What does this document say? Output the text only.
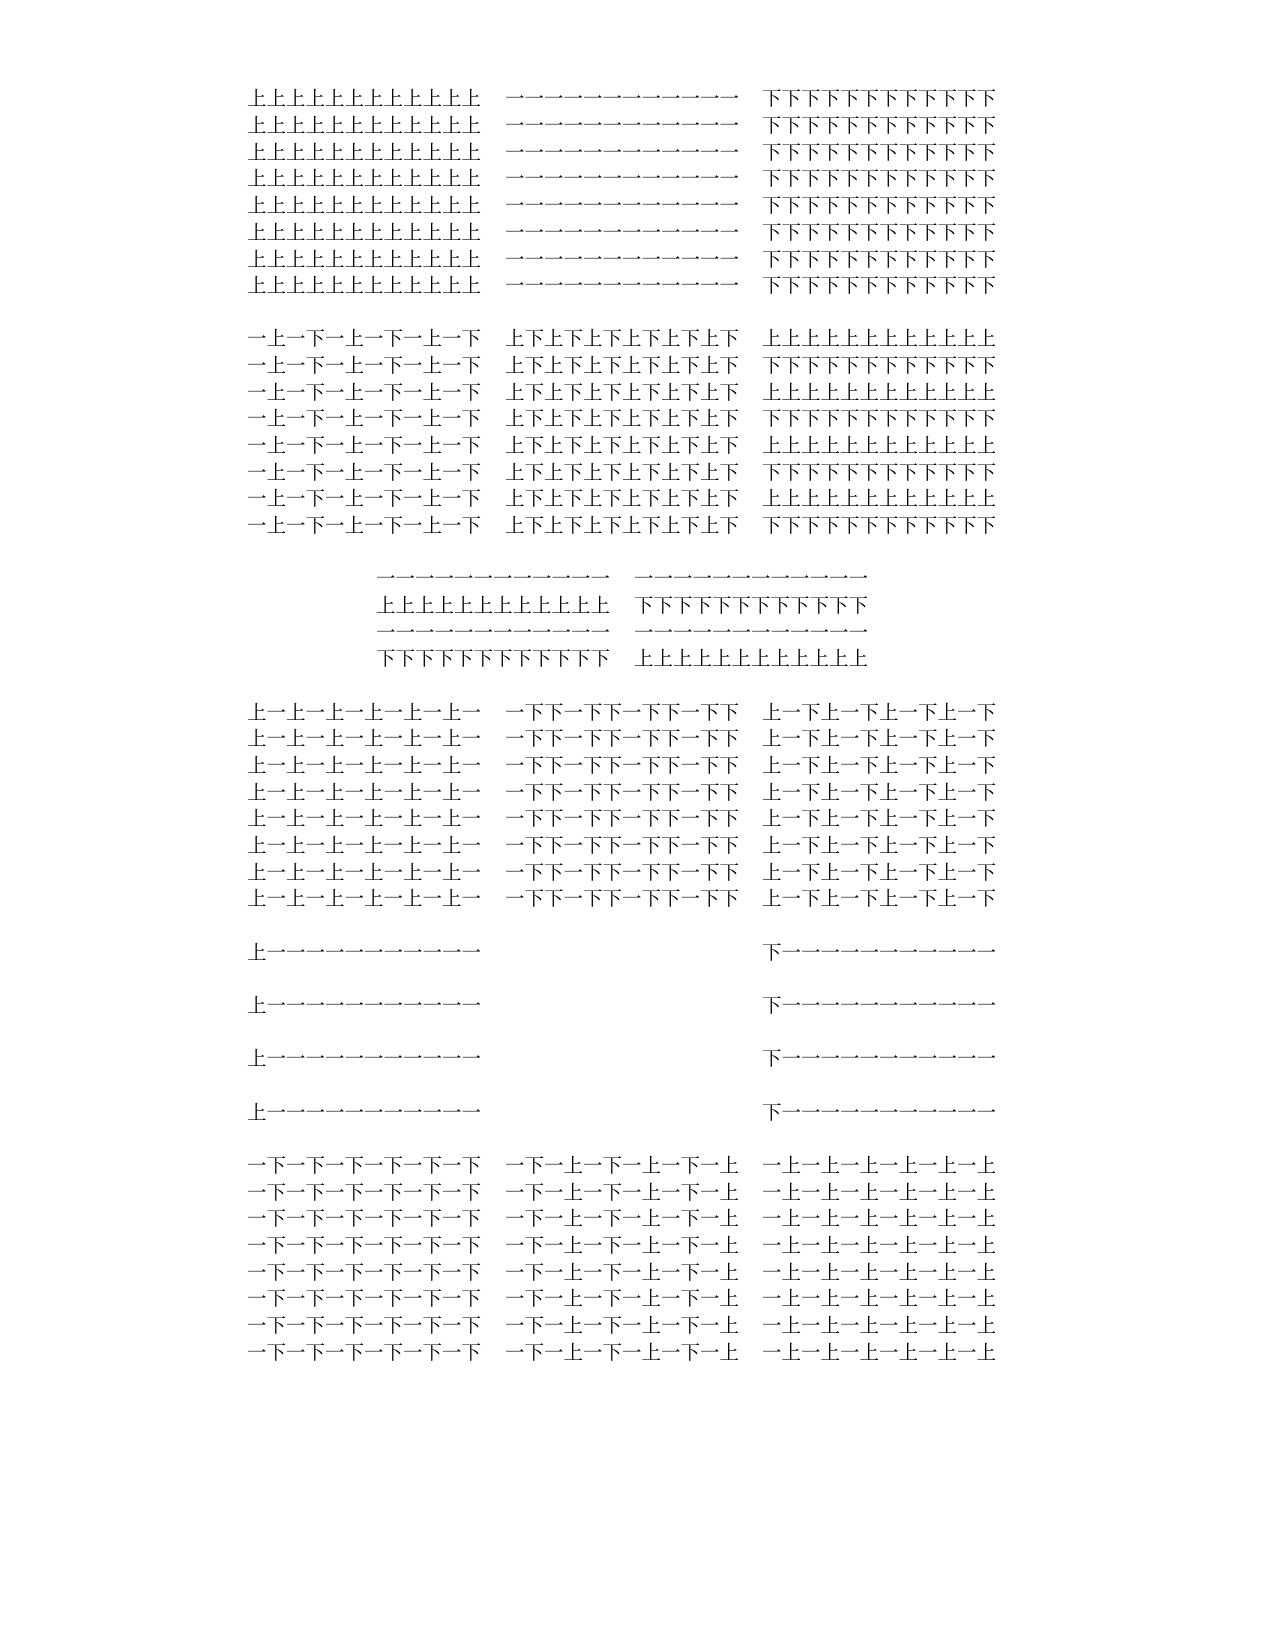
上上上上上上上上上上上上
上上上上上上上上上上上上
上上上上上上上上上上上上
上上上上上上上上上上上上
上上上上上上上上上上上上
上上上上上上上上上上上上
上上上上上上上上上上上上
上上上上上上上上上上上上
一一一一一一一一一一一一
一一一一一一一一一一一一
一一一一一一一一一一一一
一一一一一一一一一一一一
一一一一一一一一一一一一
一一一一一一一一一一一一
一一一一一一一一一一一一
一一一一一一一一一一一一
下下下下下下下下下下下下
下下下下下下下下下下下下
下下下下下下下下下下下下
下下下下下下下下下下下下
下下下下下下下下下下下下
下下下下下下下下下下下下
下下下下下下下下下下下下
下下下下下下下下下下下下
一上一下一上一下一上一下
一上一下一上一下一上一下
一上一下一上一下一上一下
一上一下一上一下一上一下
一上一下一上一下一上一下
一上一下一上一下一上一下
一上一下一上一下一上一下
一上一下一上一下一上一下
上下上下上下上下上下上下
上下上下上下上下上下上下
上下上下上下上下上下上下
上下上下上下上下上下上下
上下上下上下上下上下上下
上下上下上下上下上下上下
上下上下上下上下上下上下
上下上下上下上下上下上下
上上上上上上上上上上上上
下下下下下下下下下下下下
上上上上上上上上上上上上
下下下下下下下下下下下下
上上上上上上上上上上上上
下下下下下下下下下下下下
上上上上上上上上上上上上
下下下下下下下下下下下下
一一一一一一一一一一一一
上上上上上上上上上上上上
一一一一一一一一一一一一
下下下下下下下下下下下下
一一一一一一一一一一一一
下下下下下下下下下下下下
一一一一一一一一一一一一
上上上上上上上上上上上上
上一上一上一上一上一上一
上一上一上一上一上一上一
上一上一上一上一上一上一
上一上一上一上一上一上一
上一上一上一上一上一上一
上一上一上一上一上一上一
上一上一上一上一上一上一
上一上一上一上一上一上一
一下下一下下一下下一下下
一下下一下下一下下一下下
一下下一下下一下下一下下
一下下一下下一下下一下下
一下下一下下一下下一下下
一下下一下下一下下一下下
一下下一下下一下下一下下
一下下一下下一下下一下下
上一下上一下上一下上一下
上一下上一下上一下上一下
上一下上一下上一下上一下
上一下上一下上一下上一下
上一下上一下上一下上一下
上一下上一下上一下上一下
上一下上一下上一下上一下
上一下上一下上一下上一下
上一一一一一一一一一一一
上一一一一一一一一一一一
上一一一一一一一一一一一
上一一一一一一一一一一一
下一一一一一一一一一一一
下一一一一一一一一一一一
下一一一一一一一一一一一
下一一一一一一一一一一一
一下一下一下一下一下一下
一下一下一下一下一下一下
一下一下一下一下一下一下
一下一下一下一下一下一下
一下一下一下一下一下一下
一下一下一下一下一下一下
一下一下一下一下一下一下
一下一下一下一下一下一下
一下一上一下一上一下一上
一下一上一下一上一下一上
一下一上一下一上一下一上
一下一上一下一上一下一上
一下一上一下一上一下一上
一下一上一下一上一下一上
一下一上一下一上一下一上
一下一上一下一上一下一上
一上一上一上一上一上一上
一上一上一上一上一上一上
一上一上一上一上一上一上
一上一上一上一上一上一上
一上一上一上一上一上一上
一上一上一上一上一上一上
一上一上一上一上一上一上
一上一上一上一上一上一上
